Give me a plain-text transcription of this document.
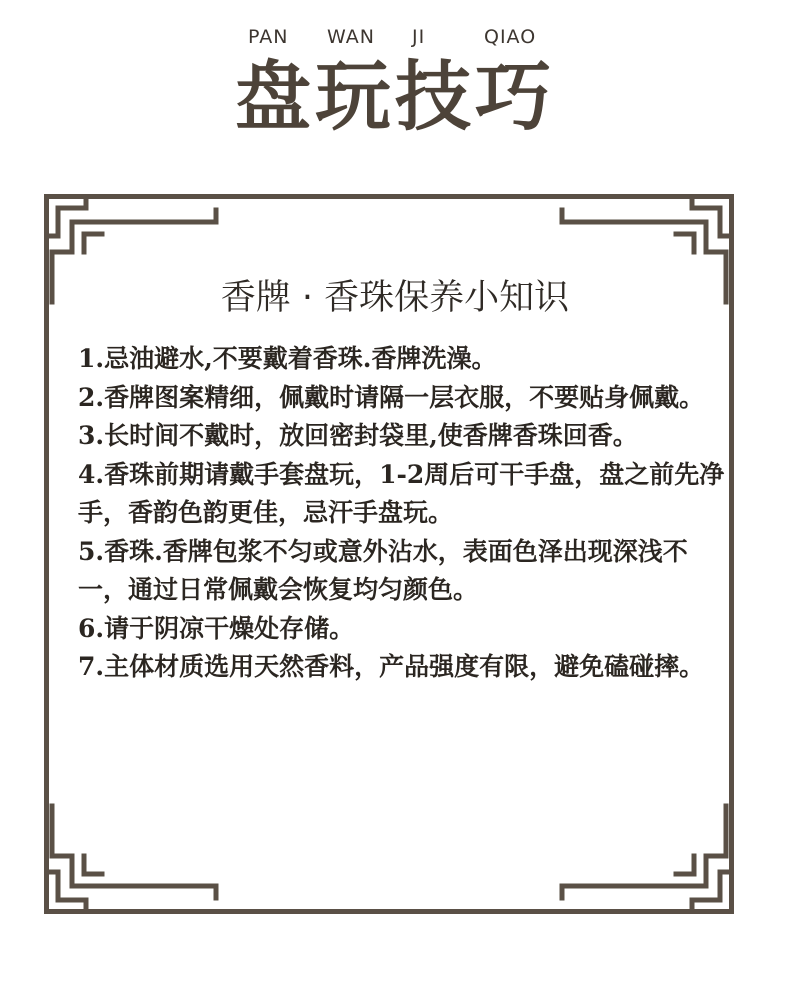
PAN WAN JI	QIAO
盘玩技巧
香牌 · 香珠保养小知识

1.忌油避水,不要戴着香珠.香牌洗澡。

2.香牌图案精细，佩戴时请隔一层衣服，不要贴身佩戴。

3.长时间不戴时，放回密封袋里,使香牌香珠回香。

4.香珠前期请戴手套盘玩，1-2周后可干手盘，盘之前先净手，香韵色韵更佳，忌汗手盘玩。

5.香珠.香牌包浆不匀或意外沾水，表面色泽出现深浅不一，通过日常佩戴会恢复均匀颜色。

6.请于阴凉干燥处存储。

7.主体材质选用天然香料，产品强度有限，避免磕碰摔。
